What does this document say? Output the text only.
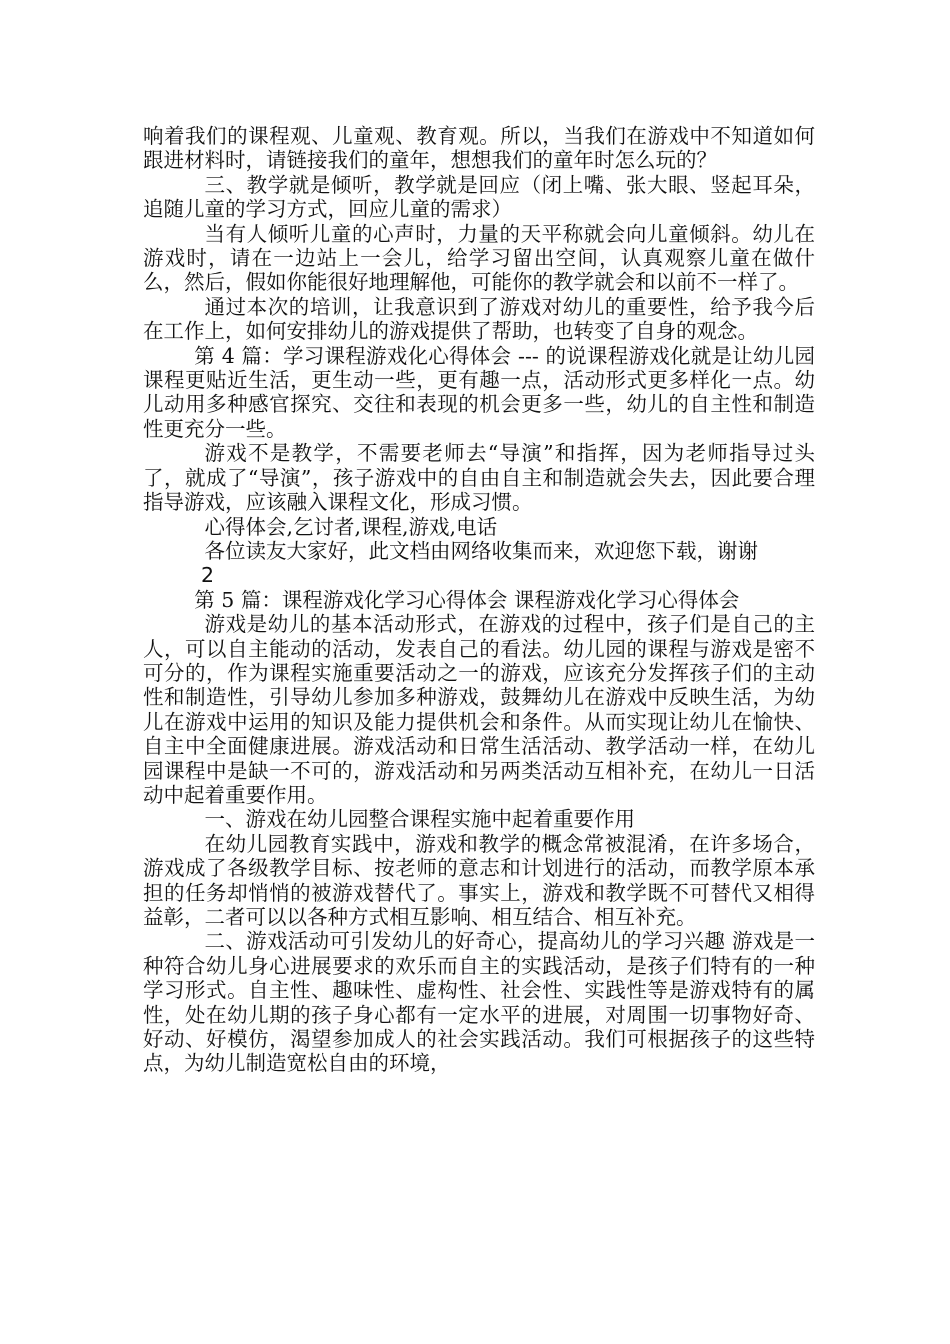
响着我们的课程观、儿童观、教育观。所以，当我们在游戏中不知道如何跟进材料时，请链接我们的童年，想想我们的童年时怎么玩的？

三、教学就是倾听，教学就是回应（闭上嘴、张大眼、竖起耳朵，追随儿童的学习方式，回应儿童的需求）

当有人倾听儿童的心声时，力量的天平称就会向儿童倾斜。幼儿在游戏时，请在一边站上一会儿，给学习留出空间，认真观察儿童在做什么，然后，假如你能很好地理解他，可能你的教学就会和以前不一样了。

通过本次的培训，让我意识到了游戏对幼儿的重要性，给予我今后在工作上，如何安排幼儿的游戏提供了帮助，也转变了自身的观念。

第 4 篇：学习课程游戏化心得体会 --- 的说课程游戏化就是让幼儿园课程更贴近生活，更生动一些，更有趣一点，活动形式更多样化一点。幼儿动用多种感官探究、交往和表现的机会更多一些，幼儿的自主性和制造性更充分一些。

游戏不是教学，不需要老师去“导演”和指挥，因为老师指导过头了，就成了“导演”，孩子游戏中的自由自主和制造就会失去，因此要合理指导游戏，应该融入课程文化，形成习惯。

心得体会,乞讨者,课程,游戏,电话

各位读友大家好，此文档由网络收集而来，欢迎您下载，谢谢

2

第 5 篇：课程游戏化学习心得体会 课程游戏化学习心得体会

游戏是幼儿的基本活动形式，在游戏的过程中，孩子们是自己的主人，可以自主能动的活动，发表自己的看法。幼儿园的课程与游戏是密不可分的，作为课程实施重要活动之一的游戏，应该充分发挥孩子们的主动性和制造性，引导幼儿参加多种游戏，鼓舞幼儿在游戏中反映生活，为幼儿在游戏中运用的知识及能力提供机会和条件。从而实现让幼儿在愉快、自主中全面健康进展。游戏活动和日常生活活动、教学活动一样，在幼儿园课程中是缺一不可的，游戏活动和另两类活动互相补充，在幼儿一日活动中起着重要作用。

一、游戏在幼儿园整合课程实施中起着重要作用

在幼儿园教育实践中，游戏和教学的概念常被混淆，在许多场合，游戏成了各级教学目标、按老师的意志和计划进行的活动，而教学原本承担的任务却悄悄的被游戏替代了。事实上，游戏和教学既不可替代又相得益彰，二者可以以各种方式相互影响、相互结合、相互补充。

二、游戏活动可引发幼儿的好奇心，提高幼儿的学习兴趣 游戏是一种符合幼儿身心进展要求的欢乐而自主的实践活动，是孩子们特有的一种学习形式。自主性、趣味性、虚构性、社会性、实践性等是游戏特有的属性，处在幼儿期的孩子身心都有一定水平的进展，对周围一切事物好奇、好动、好模仿，渴望参加成人的社会实践活动。我们可根据孩子的这些特点，为幼儿制造宽松自由的环境，
